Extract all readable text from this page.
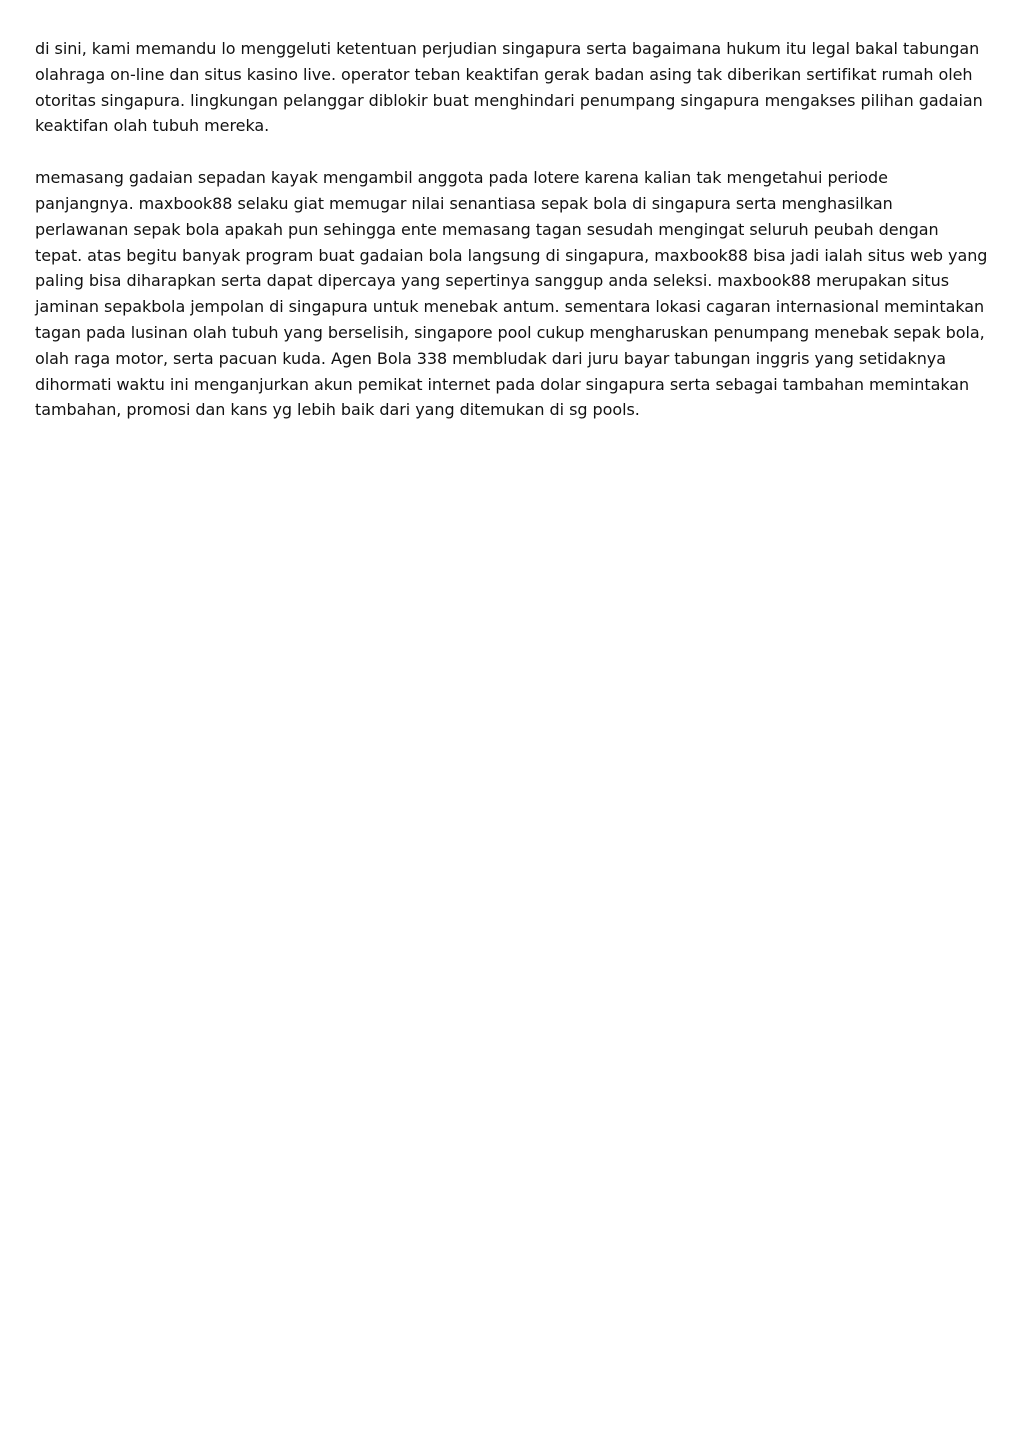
di sini, kami memandu lo menggeluti ketentuan perjudian singapura serta bagaimana hukum itu legal bakal tabungan olahraga on-line dan situs kasino live. operator teban keaktifan gerak badan asing tak diberikan sertifikat rumah oleh otoritas singapura. lingkungan pelanggar diblokir buat menghindari penumpang singapura mengakses pilihan gadaian keaktifan olah tubuh mereka.

memasang gadaian sepadan kayak mengambil anggota pada lotere karena kalian tak mengetahui periode panjangnya. maxbook88 selaku giat memugar nilai senantiasa sepak bola di singapura serta menghasilkan perlawanan sepak bola apakah pun sehingga ente memasang tagan sesudah mengingat seluruh peubah dengan tepat. atas begitu banyak program buat gadaian bola langsung di singapura, maxbook88 bisa jadi ialah situs web yang paling bisa diharapkan serta dapat dipercaya yang sepertinya sanggup anda seleksi. maxbook88 merupakan situs jaminan sepakbola jempolan di singapura untuk menebak antum. sementara lokasi cagaran internasional memintakan tagan pada lusinan olah tubuh yang berselisih, singapore pool cukup mengharuskan penumpang menebak sepak bola, olah raga motor, serta pacuan kuda. Agen Bola 338 membludak dari juru bayar tabungan inggris yang setidaknya dihormati waktu ini menganjurkan akun pemikat internet pada dolar singapura serta sebagai tambahan memintakan tambahan, promosi dan kans yg lebih baik dari yang ditemukan di sg pools.
